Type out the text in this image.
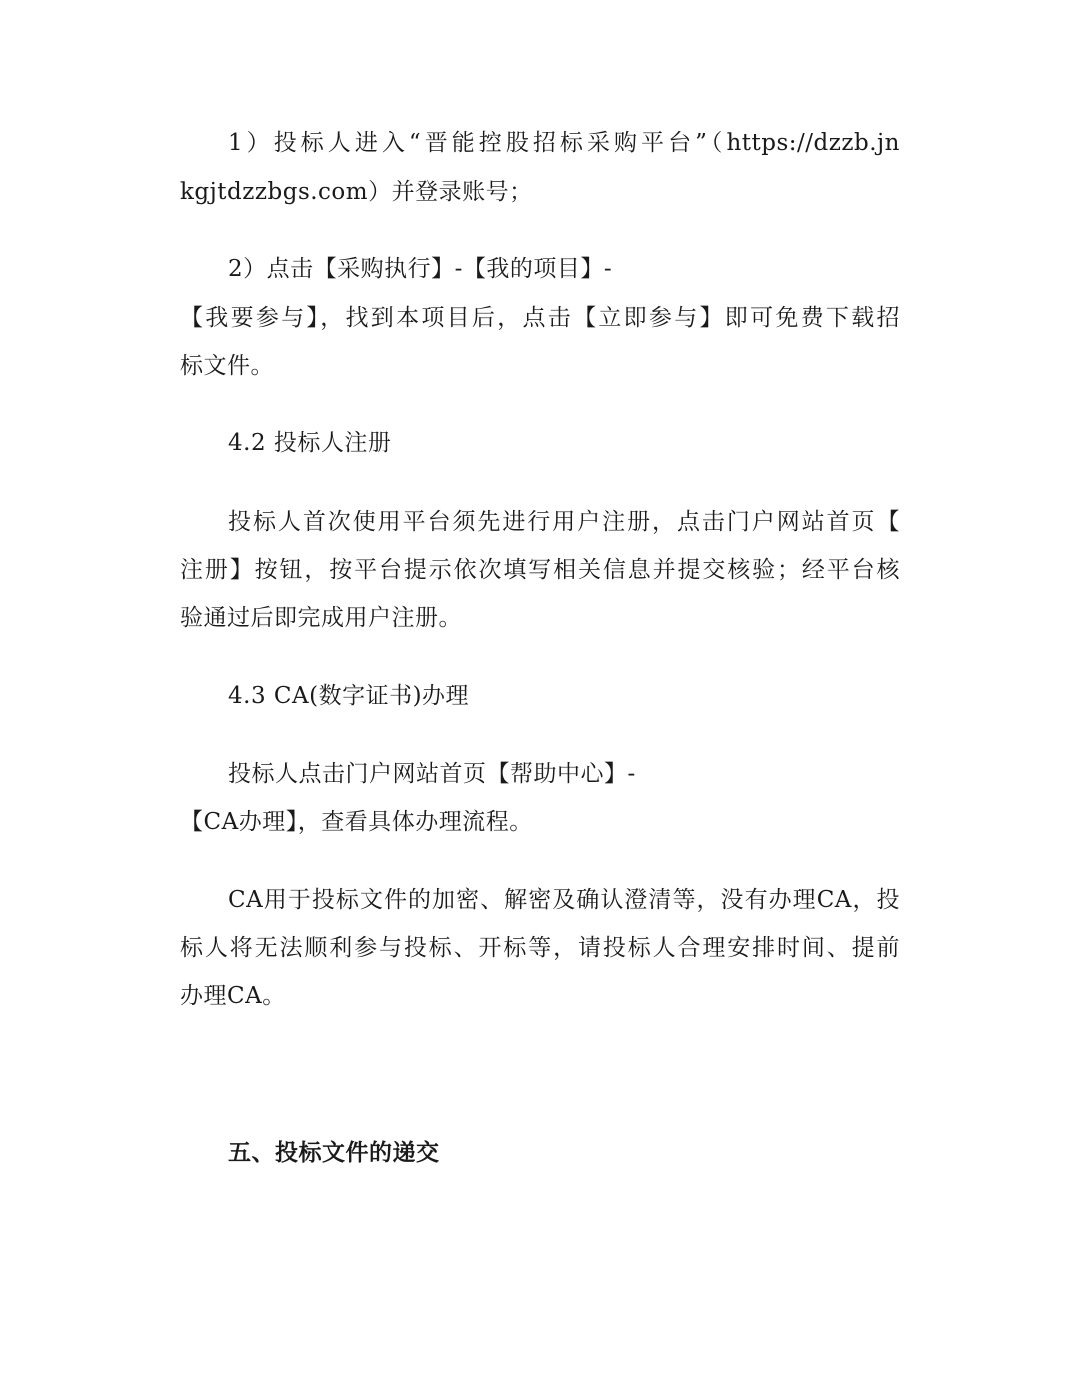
1）投标人进入“晋能控股招标采购平台”（https://dzzb.jn
kgjtdzzbgs.com）并登录账号；
2）点击【采购执行】-【我的项目】-
【我要参与】，找到本项目后，点击【立即参与】即可免费下载招
标文件。
4.2 投标人注册
投标人首次使用平台须先进行用户注册，点击门户网站首页【
注册】按钮，按平台提示依次填写相关信息并提交核验；经平台核
验通过后即完成用户注册。
4.3 CA(数字证书)办理
投标人点击门户网站首页【帮助中心】-
【CA办理】，查看具体办理流程。
CA用于投标文件的加密、解密及确认澄清等，没有办理CA，投
标人将无法顺利参与投标、开标等，请投标人合理安排时间、提前
办理CA。
五、投标文件的递交
